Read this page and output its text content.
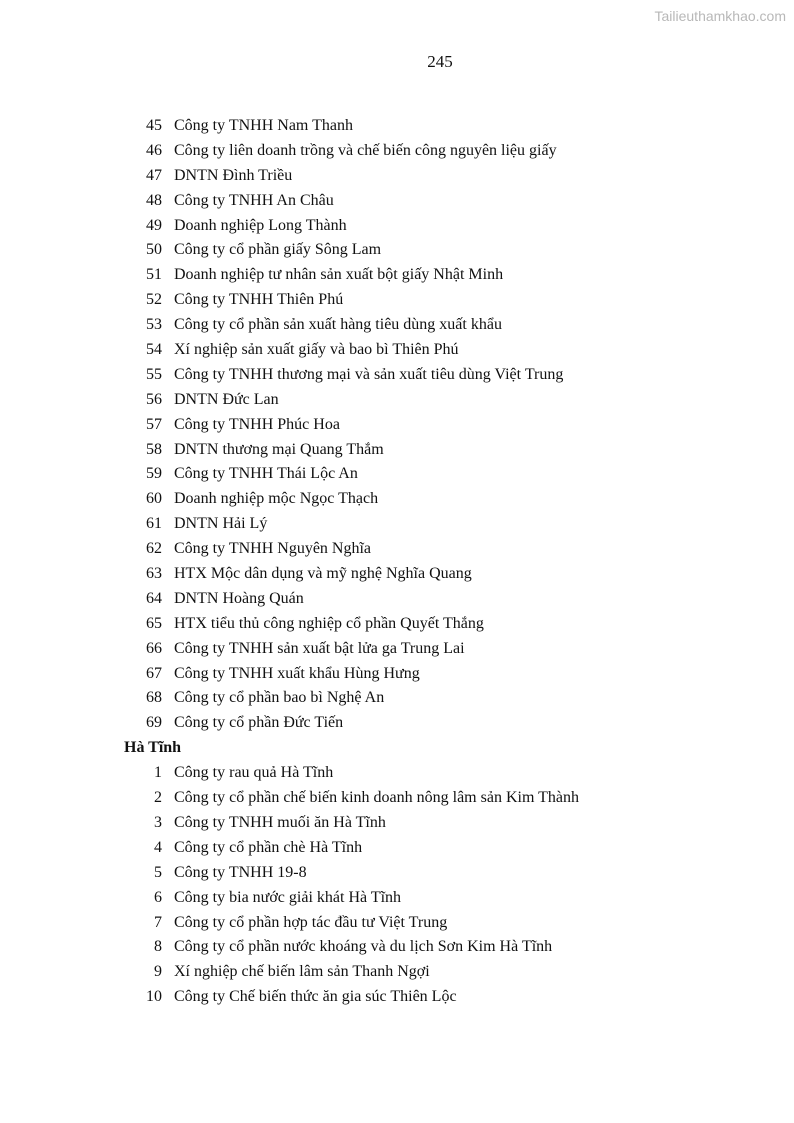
Tailieuthamkhao.com
245
45 Công ty TNHH Nam Thanh
46 Công ty liên doanh trồng và chế biến công nguyên liệu giấy
47 DNTN Đình Triều
48 Công ty TNHH An Châu
49 Doanh nghiệp Long Thành
50 Công ty cổ phần giấy Sông Lam
51 Doanh nghiệp tư nhân sản xuất bột giấy Nhật Minh
52 Công ty TNHH Thiên Phú
53 Công ty cổ phần sản xuất hàng tiêu dùng xuất khẩu
54 Xí nghiệp sản xuất giấy và bao bì Thiên Phú
55 Công ty TNHH thương mại và sản xuất tiêu dùng Việt Trung
56 DNTN Đức Lan
57 Công ty TNHH Phúc Hoa
58 DNTN thương mại Quang Thắm
59 Công ty TNHH Thái Lộc An
60 Doanh nghiệp mộc Ngọc Thạch
61 DNTN Hải Lý
62 Công ty TNHH Nguyên Nghĩa
63 HTX Mộc dân dụng và mỹ nghệ Nghĩa Quang
64 DNTN Hoàng Quán
65 HTX tiểu thủ công nghiệp cổ phần Quyết Thắng
66 Công ty TNHH sản xuất bật lửa ga Trung Lai
67 Công ty TNHH xuất khẩu Hùng Hưng
68 Công ty cổ phần bao bì Nghệ An
69 Công ty cổ phần Đức Tiến
Hà Tĩnh
1 Công ty rau quả Hà Tĩnh
2 Công ty cổ phần chế biến kinh doanh nông lâm sản Kim Thành
3 Công ty TNHH muối ăn Hà Tĩnh
4 Công ty cổ phần chè Hà Tĩnh
5 Công ty TNHH 19-8
6 Công ty bia nước giải khát Hà Tĩnh
7 Công ty cổ phần hợp tác đầu tư Việt Trung
8 Công ty cổ phần nước khoáng và du lịch Sơn Kim Hà Tĩnh
9 Xí nghiệp chế biến lâm sản Thanh Ngợi
10 Công ty Chế biến thức ăn gia súc Thiên Lộc
